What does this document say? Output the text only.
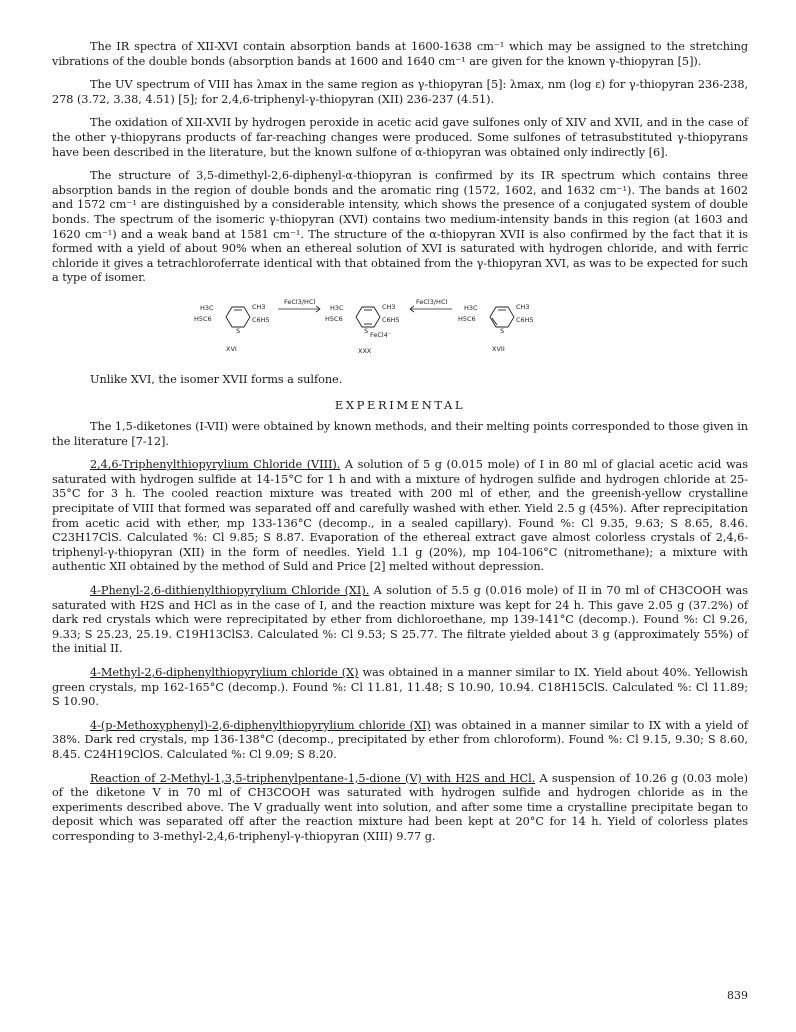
The IR spectra of XII-XVI contain absorption bands at 1600-1638 cm⁻¹ which may be assigned to the stretching vibrations of the double bonds (absorption bands at 1600 and 1640 cm⁻¹ are given for the known γ-thiopyran [5]).

The UV spectrum of VIII has λmax in the same region as γ-thiopyran [5]: λmax, nm (log ε) for γ-thiopyran 236-238, 278 (3.72, 3.38, 4.51) [5]; for 2,4,6-triphenyl-γ-thiopyran (XII) 236-237 (4.51).

The oxidation of XII-XVII by hydrogen peroxide in acetic acid gave sulfones only of XIV and XVII, and in the case of the other γ-thiopyrans products of far-reaching changes were produced. Some sulfones of tetrasubstituted γ-thiopyrans have been described in the literature, but the known sulfone of α-thiopyran was obtained only indirectly [6].

The structure of 3,5-dimethyl-2,6-diphenyl-α-thiopyran is confirmed by its IR spectrum which contains three absorption bands in the region of double bonds and the aromatic ring (1572, 1602, and 1632 cm⁻¹). The bands at 1602 and 1572 cm⁻¹ are distinguished by a considerable intensity, which shows the presence of a conjugated system of double bonds. The spectrum of the isomeric γ-thiopyran (XVI) contains two medium-intensity bands in this region (at 1603 and 1620 cm⁻¹) and a weak band at 1581 cm⁻¹. The structure of the α-thiopyran XVII is also confirmed by the fact that it is formed with a yield of about 90% when an ethereal solution of XVI is saturated with hydrogen chloride, and with ferric chloride it gives a tetrachloroferrate identical with that obtained from the γ-thiopyran XVI, as was to be expected for such a type of isomer.

H3C	CH3
H5C6	C6H5
S
XVI
FeCl3/HCl
H3C	CH3
H5C6	C6H5
S FeCl4⁻
XXX
FeCl3/HCl
H3C	CH3
H5C6	C6H5
S
XVII

Unlike XVI, the isomer XVII forms a sulfone.

EXPERIMENTAL

The 1,5-diketones (I-VII) were obtained by known methods, and their melting points corresponded to those given in the literature [7-12].

2,4,6-Triphenylthiopyrylium Chloride (VIII). A solution of 5 g (0.015 mole) of I in 80 ml of glacial acetic acid was saturated with hydrogen sulfide at 14-15°C for 1 h and with a mixture of hydrogen sulfide and hydrogen chloride at 25-35°C for 3 h. The cooled reaction mixture was treated with 200 ml of ether, and the greenish-yellow crystalline precipitate of VIII that formed was separated off and carefully washed with ether. Yield 2.5 g (45%). After reprecipitation from acetic acid with ether, mp 133-136°C (decomp., in a sealed capillary). Found %: Cl 9.35, 9.63; S 8.65, 8.46. C23H17ClS. Calculated %: Cl 9.85; S 8.87. Evaporation of the ethereal extract gave almost colorless crystals of 2,4,6-triphenyl-γ-thiopyran (XII) in the form of needles. Yield 1.1 g (20%), mp 104-106°C (nitromethane); a mixture with authentic XII obtained by the method of Suld and Price [2] melted without depression.

4-Phenyl-2,6-dithienylthiopyrylium Chloride (XI). A solution of 5.5 g (0.016 mole) of II in 70 ml of CH3COOH was saturated with H2S and HCl as in the case of I, and the reaction mixture was kept for 24 h. This gave 2.05 g (37.2%) of dark red crystals which were reprecipitated by ether from dichloroethane, mp 139-141°C (decomp.). Found %: Cl 9.26, 9.33; S 25.23, 25.19. C19H13ClS3. Calculated %: Cl 9.53; S 25.77. The filtrate yielded about 3 g (approximately 55%) of the initial II.

4-Methyl-2,6-diphenylthiopyrylium chloride (X) was obtained in a manner similar to IX. Yield about 40%. Yellowish green crystals, mp 162-165°C (decomp.). Found %: Cl 11.81, 11.48; S 10.90, 10.94. C18H15ClS. Calculated %: Cl 11.89; S 10.90.

4-(p-Methoxyphenyl)-2,6-diphenylthiopyrylium chloride (XI) was obtained in a manner similar to IX with a yield of 38%. Dark red crystals, mp 136-138°C (decomp., precipitated by ether from chloroform). Found %: Cl 9.15, 9.30; S 8.60, 8.45. C24H19ClOS. Calculated %: Cl 9.09; S 8.20.

Reaction of 2-Methyl-1,3,5-triphenylpentane-1,5-dione (V) with H2S and HCl. A suspension of 10.26 g (0.03 mole) of the diketone V in 70 ml of CH3COOH was saturated with hydrogen sulfide and hydrogen chloride as in the experiments described above. The V gradually went into solution, and after some time a crystalline precipitate began to deposit which was separated off after the reaction mixture had been kept at 20°C for 14 h. Yield of colorless plates corresponding to 3-methyl-2,4,6-triphenyl-γ-thiopyran (XIII) 9.77 g.

839
